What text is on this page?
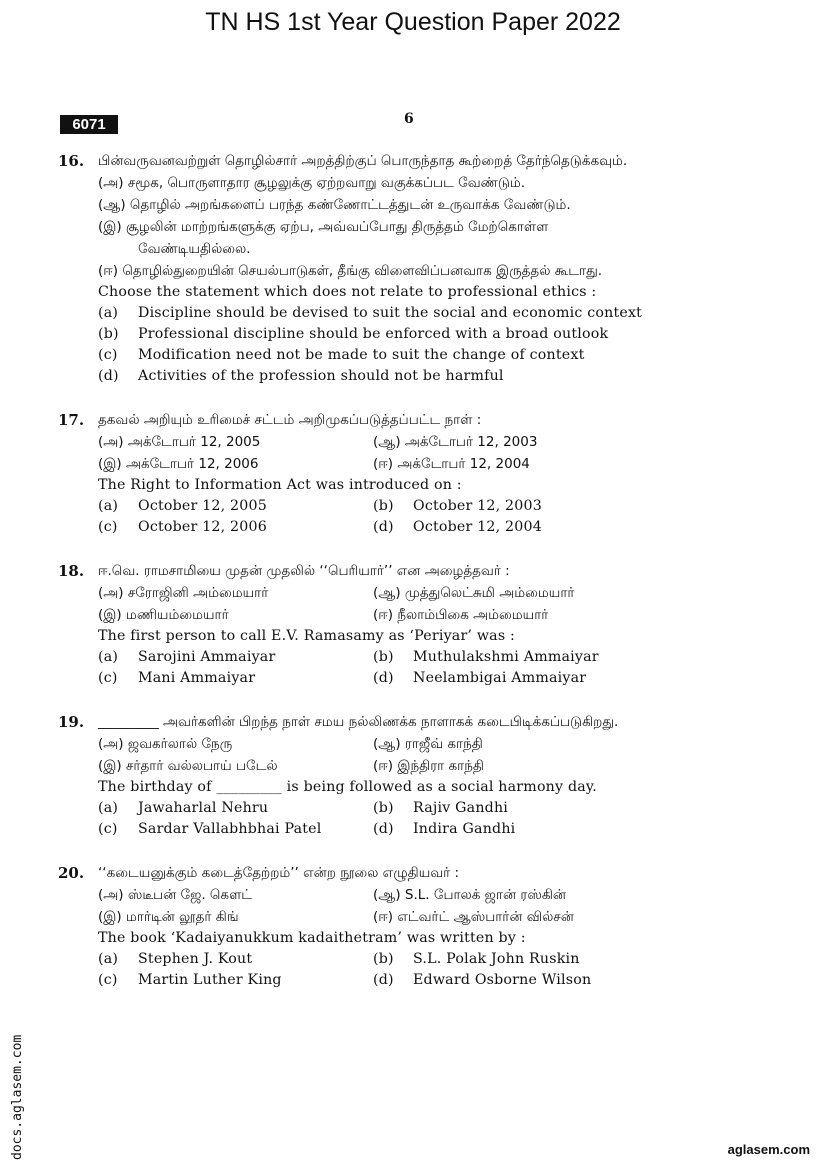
TN HS 1st Year Question Paper 2022
6071	6
16. பின்வருவனவற்றுள் தொழில்சார் அறத்திற்குப் பொருந்தாத கூற்றைத் தேர்ந்தெடுக்கவும்.
(அ) சமூக, பொருளாதார சூழலுக்கு ஏற்றவாறு வகுக்கப்பட வேண்டும்.
(ஆ) தொழில் அறங்களைப் பரந்த கண்ணோட்டத்துடன் உருவாக்க வேண்டும்.
(இ) சூழலின் மாற்றங்களுக்கு ஏற்ப, அவ்வப்போது திருத்தம் மேற்கொள்ள
வேண்டியதில்லை.
(ஈ) தொழில்துறையின் செயல்பாடுகள், தீங்கு விளைவிப்பனவாக இருத்தல் கூடாது.
Choose the statement which does not relate to professional ethics :
(a) Discipline should be devised to suit the social and economic context
(b) Professional discipline should be enforced with a broad outlook
(c) Modification need not be made to suit the change of context
(d) Activities of the profession should not be harmful
17. தகவல் அறியும் உரிமைச் சட்டம் அறிமுகப்படுத்தப்பட்ட நாள் :
(அ) அக்டோபர் 12, 2005	(ஆ) அக்டோபர் 12, 2003
(இ) அக்டோபர் 12, 2006	(ஈ) அக்டோபர் 12, 2004
The Right to Information Act was introduced on :
(a) October 12, 2005	(b) October 12, 2003
(c) October 12, 2006	(d) October 12, 2004
18. ஈ.வெ. ராமசாமியை முதன் முதலில் ‘‘பெரியார்’’ என அழைத்தவர் :
(அ) சரோஜினி அம்மையார்	(ஆ) முத்துலெட்சுமி அம்மையார்
(இ) மணியம்மையார்	(ஈ) நீலாம்பிகை அம்மையார்
The first person to call E.V. Ramasamy as ‘Periyar’ was :
(a) Sarojini Ammaiyar	(b) Muthulakshmi Ammaiyar
(c) Mani Ammaiyar	(d) Neelambigai Ammaiyar
19. _________ அவர்களின் பிறந்த நாள் சமய நல்லிணக்க நாளாகக் கடைபிடிக்கப்படுகிறது.
(அ) ஜவகர்லால் நேரு	(ஆ) ராஜீவ் காந்தி
(இ) சர்தார் வல்லபாய் படேல்	(ஈ) இந்திரா காந்தி
The birthday of _________ is being followed as a social harmony day.
(a) Jawaharlal Nehru	(b) Rajiv Gandhi
(c) Sardar Vallabhbhai Patel	(d) Indira Gandhi
20. ‘‘கடையனுக்கும் கடைத்தேற்றம்’’ என்ற நூலை எழுதியவர் :
(அ) ஸ்டீபன் ஜே. கௌட்	(ஆ) S.L. போலக் ஜான் ரஸ்கின்
(இ) மார்டின் லூதர் கிங்	(ஈ) எட்வர்ட் ஆஸ்பார்ன் வில்சன்
The book ‘Kadaiyanukkum kadaithetram’ was written by :
(a) Stephen J. Kout	(b) S.L. Polak John Ruskin
(c) Martin Luther King	(d) Edward Osborne Wilson
docs.aglasem.com	aglasem.com
